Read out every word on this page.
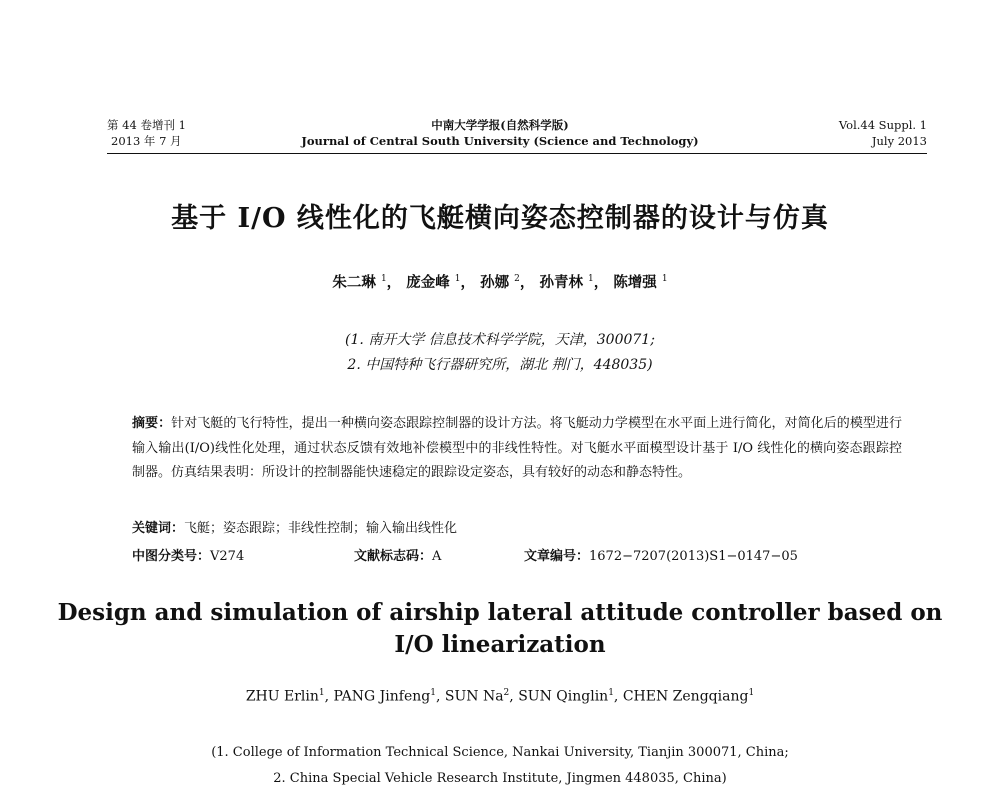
第 44 卷增刊 1
2013 年 7 月
中南大学学报(自然科学版)
Journal of Central South University (Science and Technology)
Vol.44 Suppl. 1
July 2013
基于 I/O 线性化的飞艇横向姿态控制器的设计与仿真
朱二琳 $^1$， 庞金峰 $^1$， 孙娜 $^2$， 孙青林 $^1$， 陈增强 $^1$
(1. 南开大学 信息技术科学学院，天津，300071;
2. 中国特种飞行器研究所，湖北 荆门，448035)
摘要：针对飞艇的飞行特性，提出一种横向姿态跟踪控制器的设计方法。将飞艇动力学模型在水平面上进行简化，对简化后的模型进行输入输出(I/O)线性化处理，通过状态反馈有效地补偿模型中的非线性特性。对飞艇水平面模型设计基于 I/O 线性化的横向姿态跟踪控制器。仿真结果表明：所设计的控制器能快速稳定的跟踪设定姿态，具有较好的动态和静态特性。
关键词：飞艇；姿态跟踪；非线性控制；输入输出线性化
中图分类号：V274	文献标志码：A	文章编号：1672−7207(2013)S1−0147−05
Design and simulation of airship lateral attitude controller based on
I/O linearization
ZHU Erlin$^1$, PANG Jinfeng$^1$, SUN Na$^2$, SUN Qinglin$^1$, CHEN Zengqiang$^1$
(1. College of Information Technical Science, Nankai University, Tianjin 300071, China;
2. China Special Vehicle Research Institute, Jingmen 448035, China)
